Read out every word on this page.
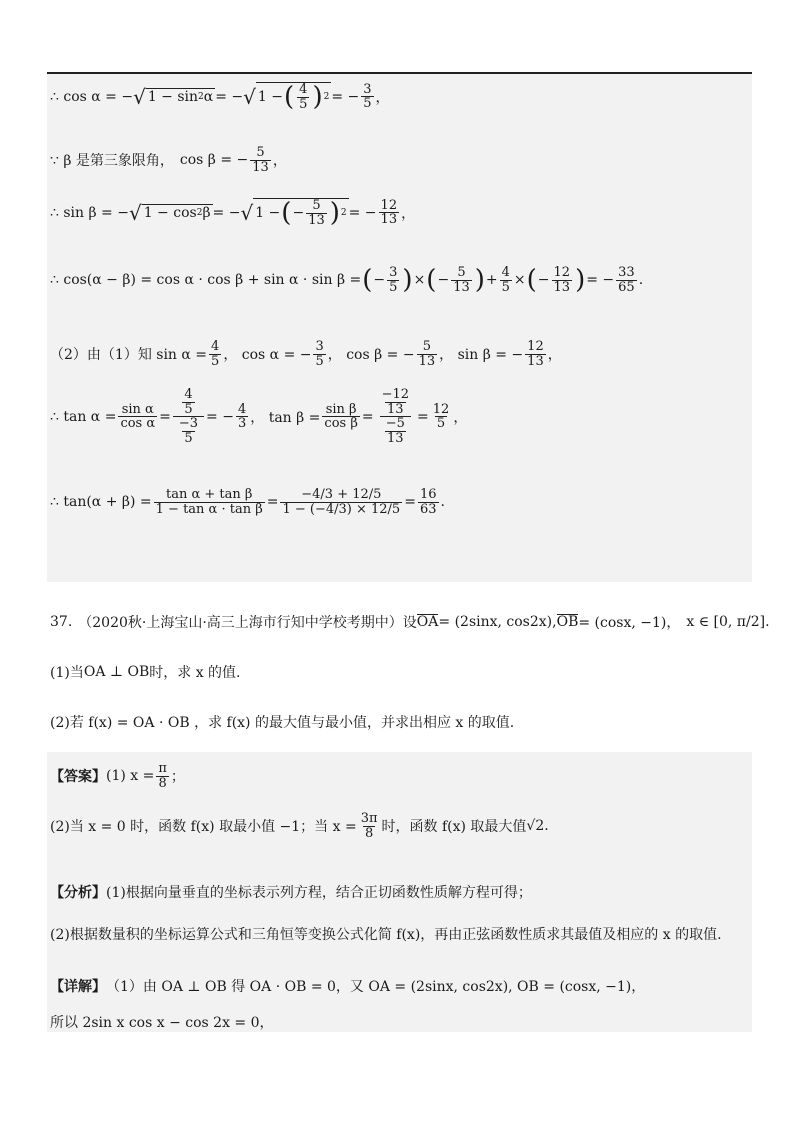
∴ cos α = − √ 1 − sin 2 α = − √ 1 − ( $\frac{4}{5}$ ) 2 = − $\frac{3}{5}$ ，
∵ β 是第三象限角， cos β = − $\frac{5}{13}$ ，
∴ sin β = − √ 1 − cos 2 β = − √ 1 − ( − $\frac{5}{13}$ ) 2 = − $\frac{12}{13}$ ，
∴ cos(α − β) = cos α · cos β + sin α · sin β = ( − $\frac{3}{5}$ ) × ( − $\frac{5}{13}$ ) + $\frac{4}{5}$ × ( − $\frac{12}{13}$ ) = − $\frac{33}{65}$ .
（2）由（1）知 $\sin \alpha = \frac{4}{5}$ ， cos α = − $\frac{3}{5}$ ， cos β = − $\frac{5}{13}$ ， sin β = − $\frac{12}{13}$ ，
∴ $\tan \alpha = \frac{\text{sin α}}{\text{cos α}} = \frac{\frac{4}{5}}{\frac{-3}{5}}$ = − $\frac{4}{3}$ ， $\tan \beta = \frac{\text{sin β}}{\text{cos β}} = \frac{\frac{-12}{13}}{\frac{-5}{13}} = \frac{12}{5}$ ，
∴ $\tan(\alpha + \beta) = \frac{\text{tan α + tan β}}{\text{1 − tan α · tan β}} = \frac{-4/3 + 12/5}{1 - (-4/3) \times 12/5} = \frac{16}{63}$ .
37. （2020秋·上海宝山·高三上海市行知中学校考期中）设 OA = (2sinx, cos2x), OB = (cosx, −1)， x ∈ [0, π/2].
(1)当 OA ⊥ OB 时，求 x 的值.
(2)若 f(x) = OA · OB ，求 f(x) 的最大值与最小值，并求出相应 x 的取值.
【答案】 (1) $x = \frac{\pi}{8}$ ；
(2)当 x = 0 时，函数 f(x) 取最小值 −1；当 $x = \frac{3\pi}{8}$ 时，函数 f(x) 取最大值 √2 .
【分析】 (1)根据向量垂直的坐标表示列方程，结合正切函数性质解方程可得；
(2)根据数量积的坐标运算公式和三角恒等变换公式化简 f(x)，再由正弦函数性质求其最值及相应的 x 的取值.
【详解】 （1）由 OA ⊥ OB 得 OA · OB = 0，又 OA = (2sinx, cos2x), OB = (cosx, −1)，
所以 2sin x cos x − cos 2x = 0，
